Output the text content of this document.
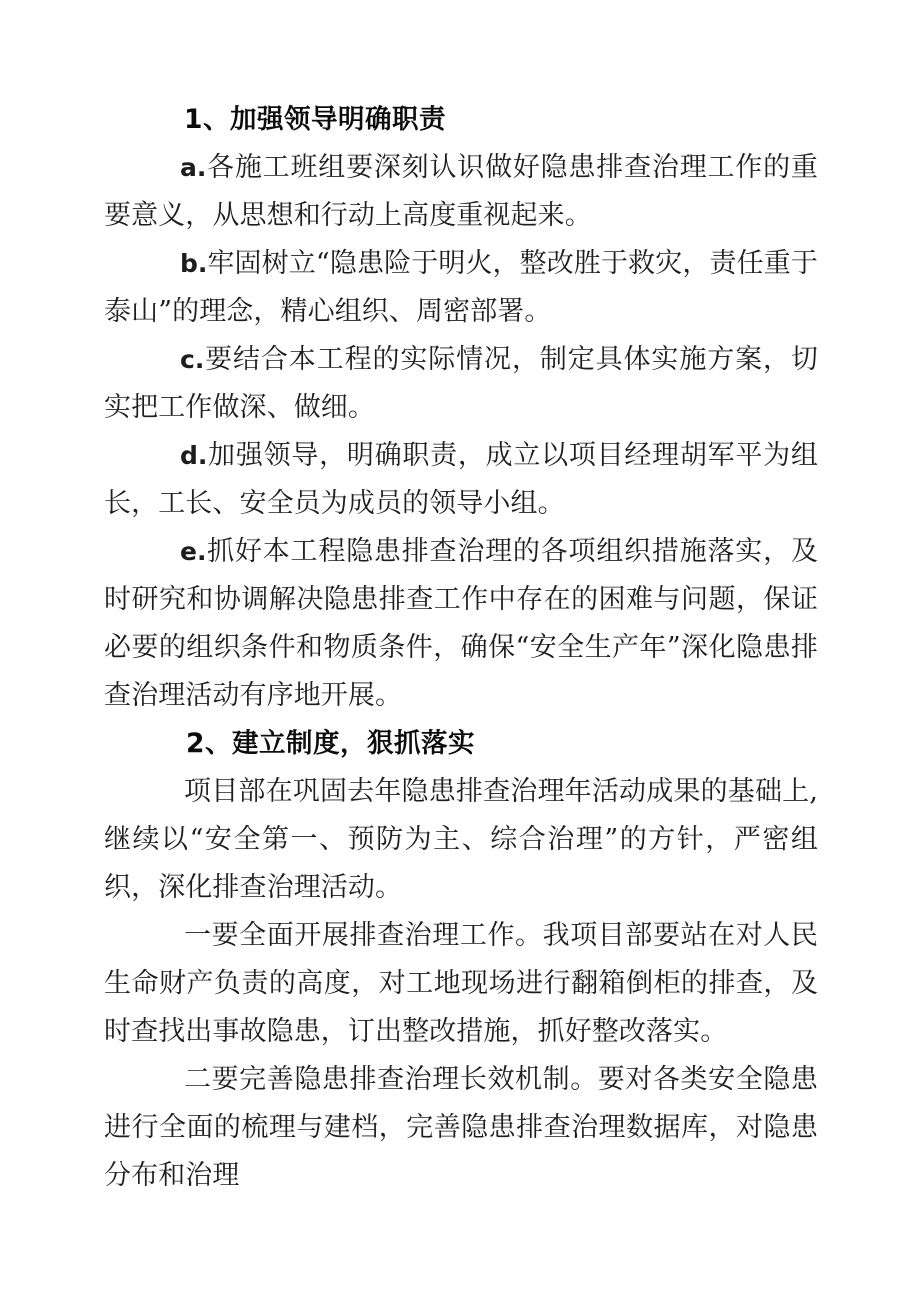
1、加强领导明确职责

a.各施工班组要深刻认识做好隐患排查治理工作的重要意义，从思想和行动上高度重视起来。

b.牢固树立“隐患险于明火，整改胜于救灾，责任重于泰山”的理念，精心组织、周密部署。

c.要结合本工程的实际情况，制定具体实施方案，切实把工作做深、做细。

d.加强领导，明确职责，成立以项目经理胡军平为组长，工长、安全员为成员的领导小组。

e.抓好本工程隐患排查治理的各项组织措施落实，及时研究和协调解决隐患排查工作中存在的困难与问题，保证必要的组织条件和物质条件，确保“安全生产年”深化隐患排查治理活动有序地开展。

2、建立制度，狠抓落实

项目部在巩固去年隐患排查治理年活动成果的基础上,继续以“安全第一、预防为主、综合治理”的方针，严密组织，深化排查治理活动。

一要全面开展排查治理工作。我项目部要站在对人民生命财产负责的高度，对工地现场进行翻箱倒柜的排查，及时查找出事故隐患，订出整改措施，抓好整改落实。

二要完善隐患排查治理长效机制。要对各类安全隐患进行全面的梳理与建档，完善隐患排查治理数据库，对隐患分布和治理
